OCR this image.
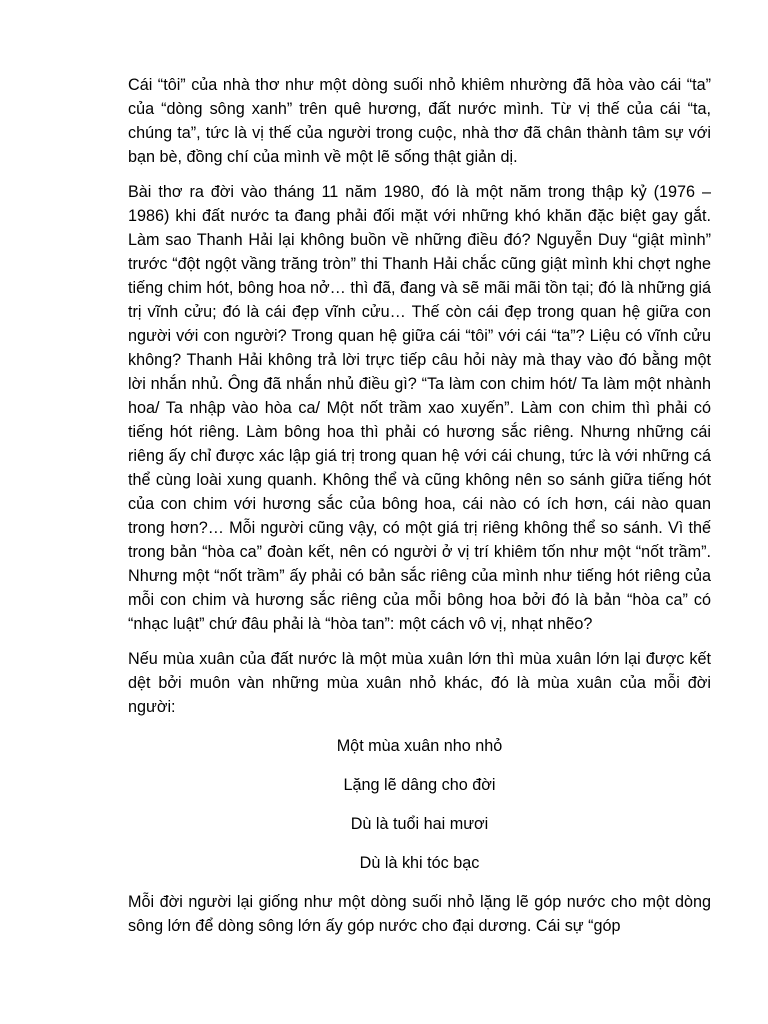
Cái “tôi” của nhà thơ như một dòng suối nhỏ khiêm nhường đã hòa vào cái “ta” của “dòng sông xanh” trên quê hương, đất nước mình. Từ vị thế của cái “ta, chúng ta”, tức là vị thế của người trong cuộc, nhà thơ đã chân thành tâm sự với bạn bè, đồng chí của mình về một lẽ sống thật giản dị.

Bài thơ ra đời vào tháng 11 năm 1980, đó là một năm trong thập kỷ (1976 – 1986) khi đất nước ta đang phải đối mặt với những khó khăn đặc biệt gay gắt. Làm sao Thanh Hải lại không buồn về những điều đó? Nguyễn Duy “giật mình” trước “đột ngột vầng trăng tròn” thi Thanh Hải chắc cũng giật mình khi chợt nghe tiếng chim hót, bông hoa nở… thì đã, đang và sẽ mãi mãi tồn tại; đó là những giá trị vĩnh cửu; đó là cái đẹp vĩnh cửu… Thế còn cái đẹp trong quan hệ giữa con người với con người? Trong quan hệ giữa cái “tôi” với cái “ta”? Liệu có vĩnh cửu không? Thanh Hải không trả lời trực tiếp câu hỏi này mà thay vào đó bằng một lời nhắn nhủ. Ông đã nhắn nhủ điều gì? “Ta làm con chim hót/ Ta làm một nhành hoa/ Ta nhập vào hòa ca/ Một nốt trầm xao xuyến”. Làm con chim thì phải có tiếng hót riêng. Làm bông hoa thì phải có hương sắc riêng. Nhưng những cái riêng ấy chỉ được xác lập giá trị trong quan hệ với cái chung, tức là với những cá thể cùng loài xung quanh. Không thể và cũng không nên so sánh giữa tiếng hót của con chim với hương sắc của bông hoa, cái nào có ích hơn, cái nào quan trong hơn?… Mỗi người cũng vậy, có một giá trị riêng không thể so sánh. Vì thế trong bản “hòa ca” đoàn kết, nên có người ở vị trí khiêm tốn như một “nốt trầm”. Nhưng một “nốt trầm” ấy phải có bản sắc riêng của mình như tiếng hót riêng của mỗi con chim và hương sắc riêng của mỗi bông hoa bởi đó là bản “hòa ca” có “nhạc luật” chứ đâu phải là “hòa tan”: một cách vô vị, nhạt nhẽo?

Nếu mùa xuân của đất nước là một mùa xuân lớn thì mùa xuân lớn lại được kết dệt bởi muôn vàn những mùa xuân nhỏ khác, đó là mùa xuân của mỗi đời người:

Một mùa xuân nho nhỏ

Lặng lẽ dâng cho đời

Dù là tuổi hai mươi

Dù là khi tóc bạc

Mỗi đời người lại giống như một dòng suối nhỏ lặng lẽ góp nước cho một dòng sông lớn để dòng sông lớn ấy góp nước cho đại dương. Cái sự “góp
